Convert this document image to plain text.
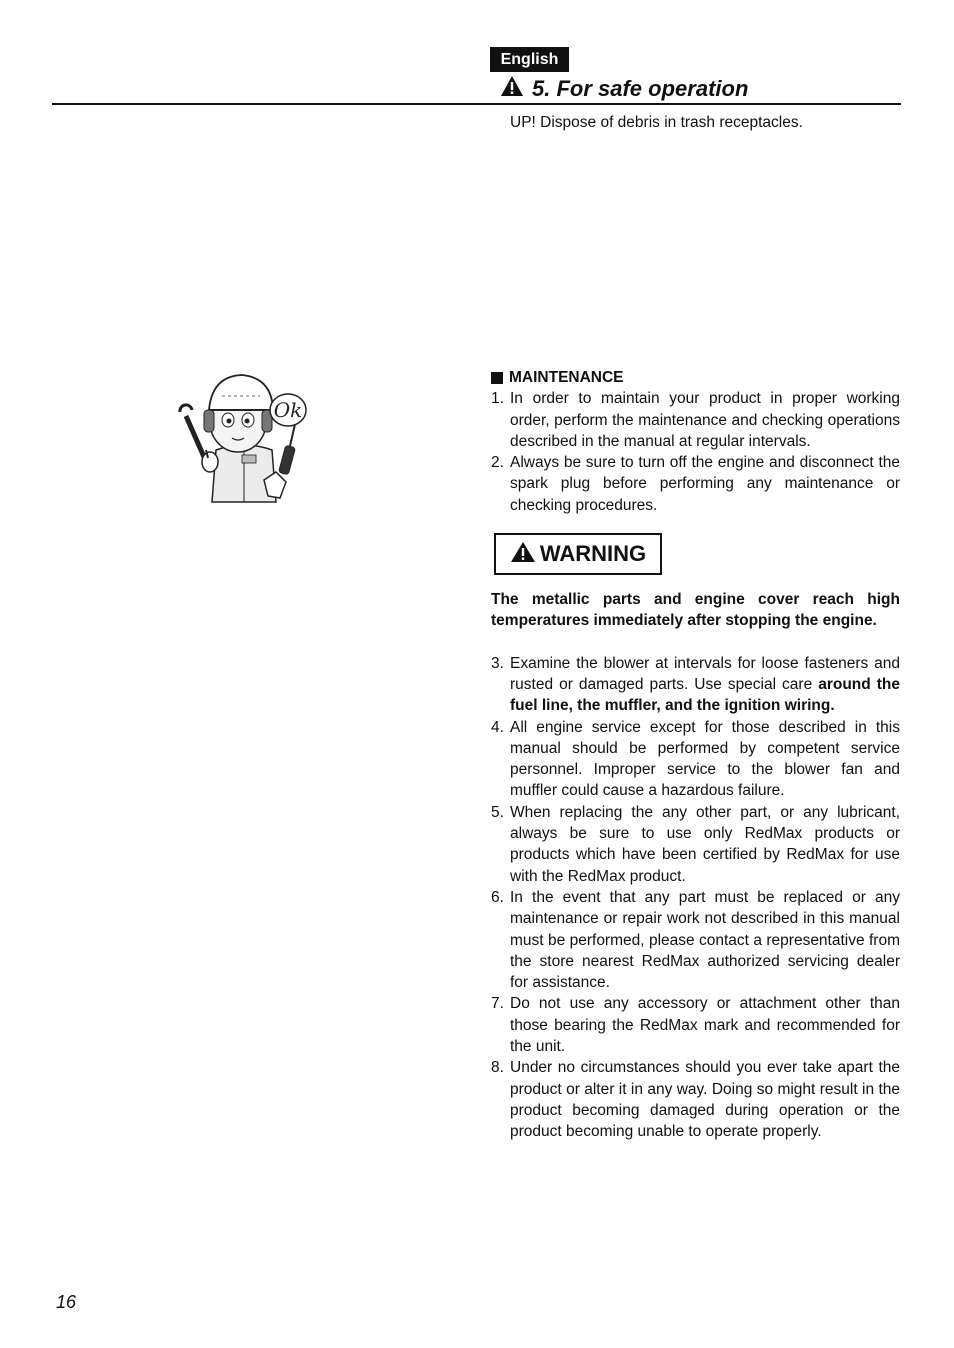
English
5. For safe operation
UP! Dispose of debris in trash receptacles.
Ok
MAINTENANCE
1. In order to maintain your product in proper working order, perform the maintenance and checking operations described in the manual at regular intervals.
2. Always be sure to turn off the engine and disconnect the spark plug before performing any maintenance or checking procedures.
WARNING
The metallic parts and engine cover reach high temperatures immediately after stopping the engine.
3. Examine the blower at intervals for loose fasteners and rusted or damaged parts. Use special care around the fuel line, the muffler, and the ignition wiring.
4. All engine service except for those described in this manual should be performed by competent service personnel. Improper service to the blower fan and muffler could cause a hazardous failure.
5. When replacing the any other part, or any lubricant, always be sure to use only RedMax products or products which have been certified by RedMax for use with the RedMax product.
6. In the event that any part must be replaced or any maintenance or repair work not described in this manual must be performed, please contact a representative from the store nearest RedMax authorized servicing dealer for assistance.
7. Do not use any accessory or attachment other than those bearing the RedMax mark and recommended for the unit.
8. Under no circumstances should you ever take apart the product or alter it in any way. Doing so might result in the product becoming damaged during operation or the product becoming unable to operate properly.
16
